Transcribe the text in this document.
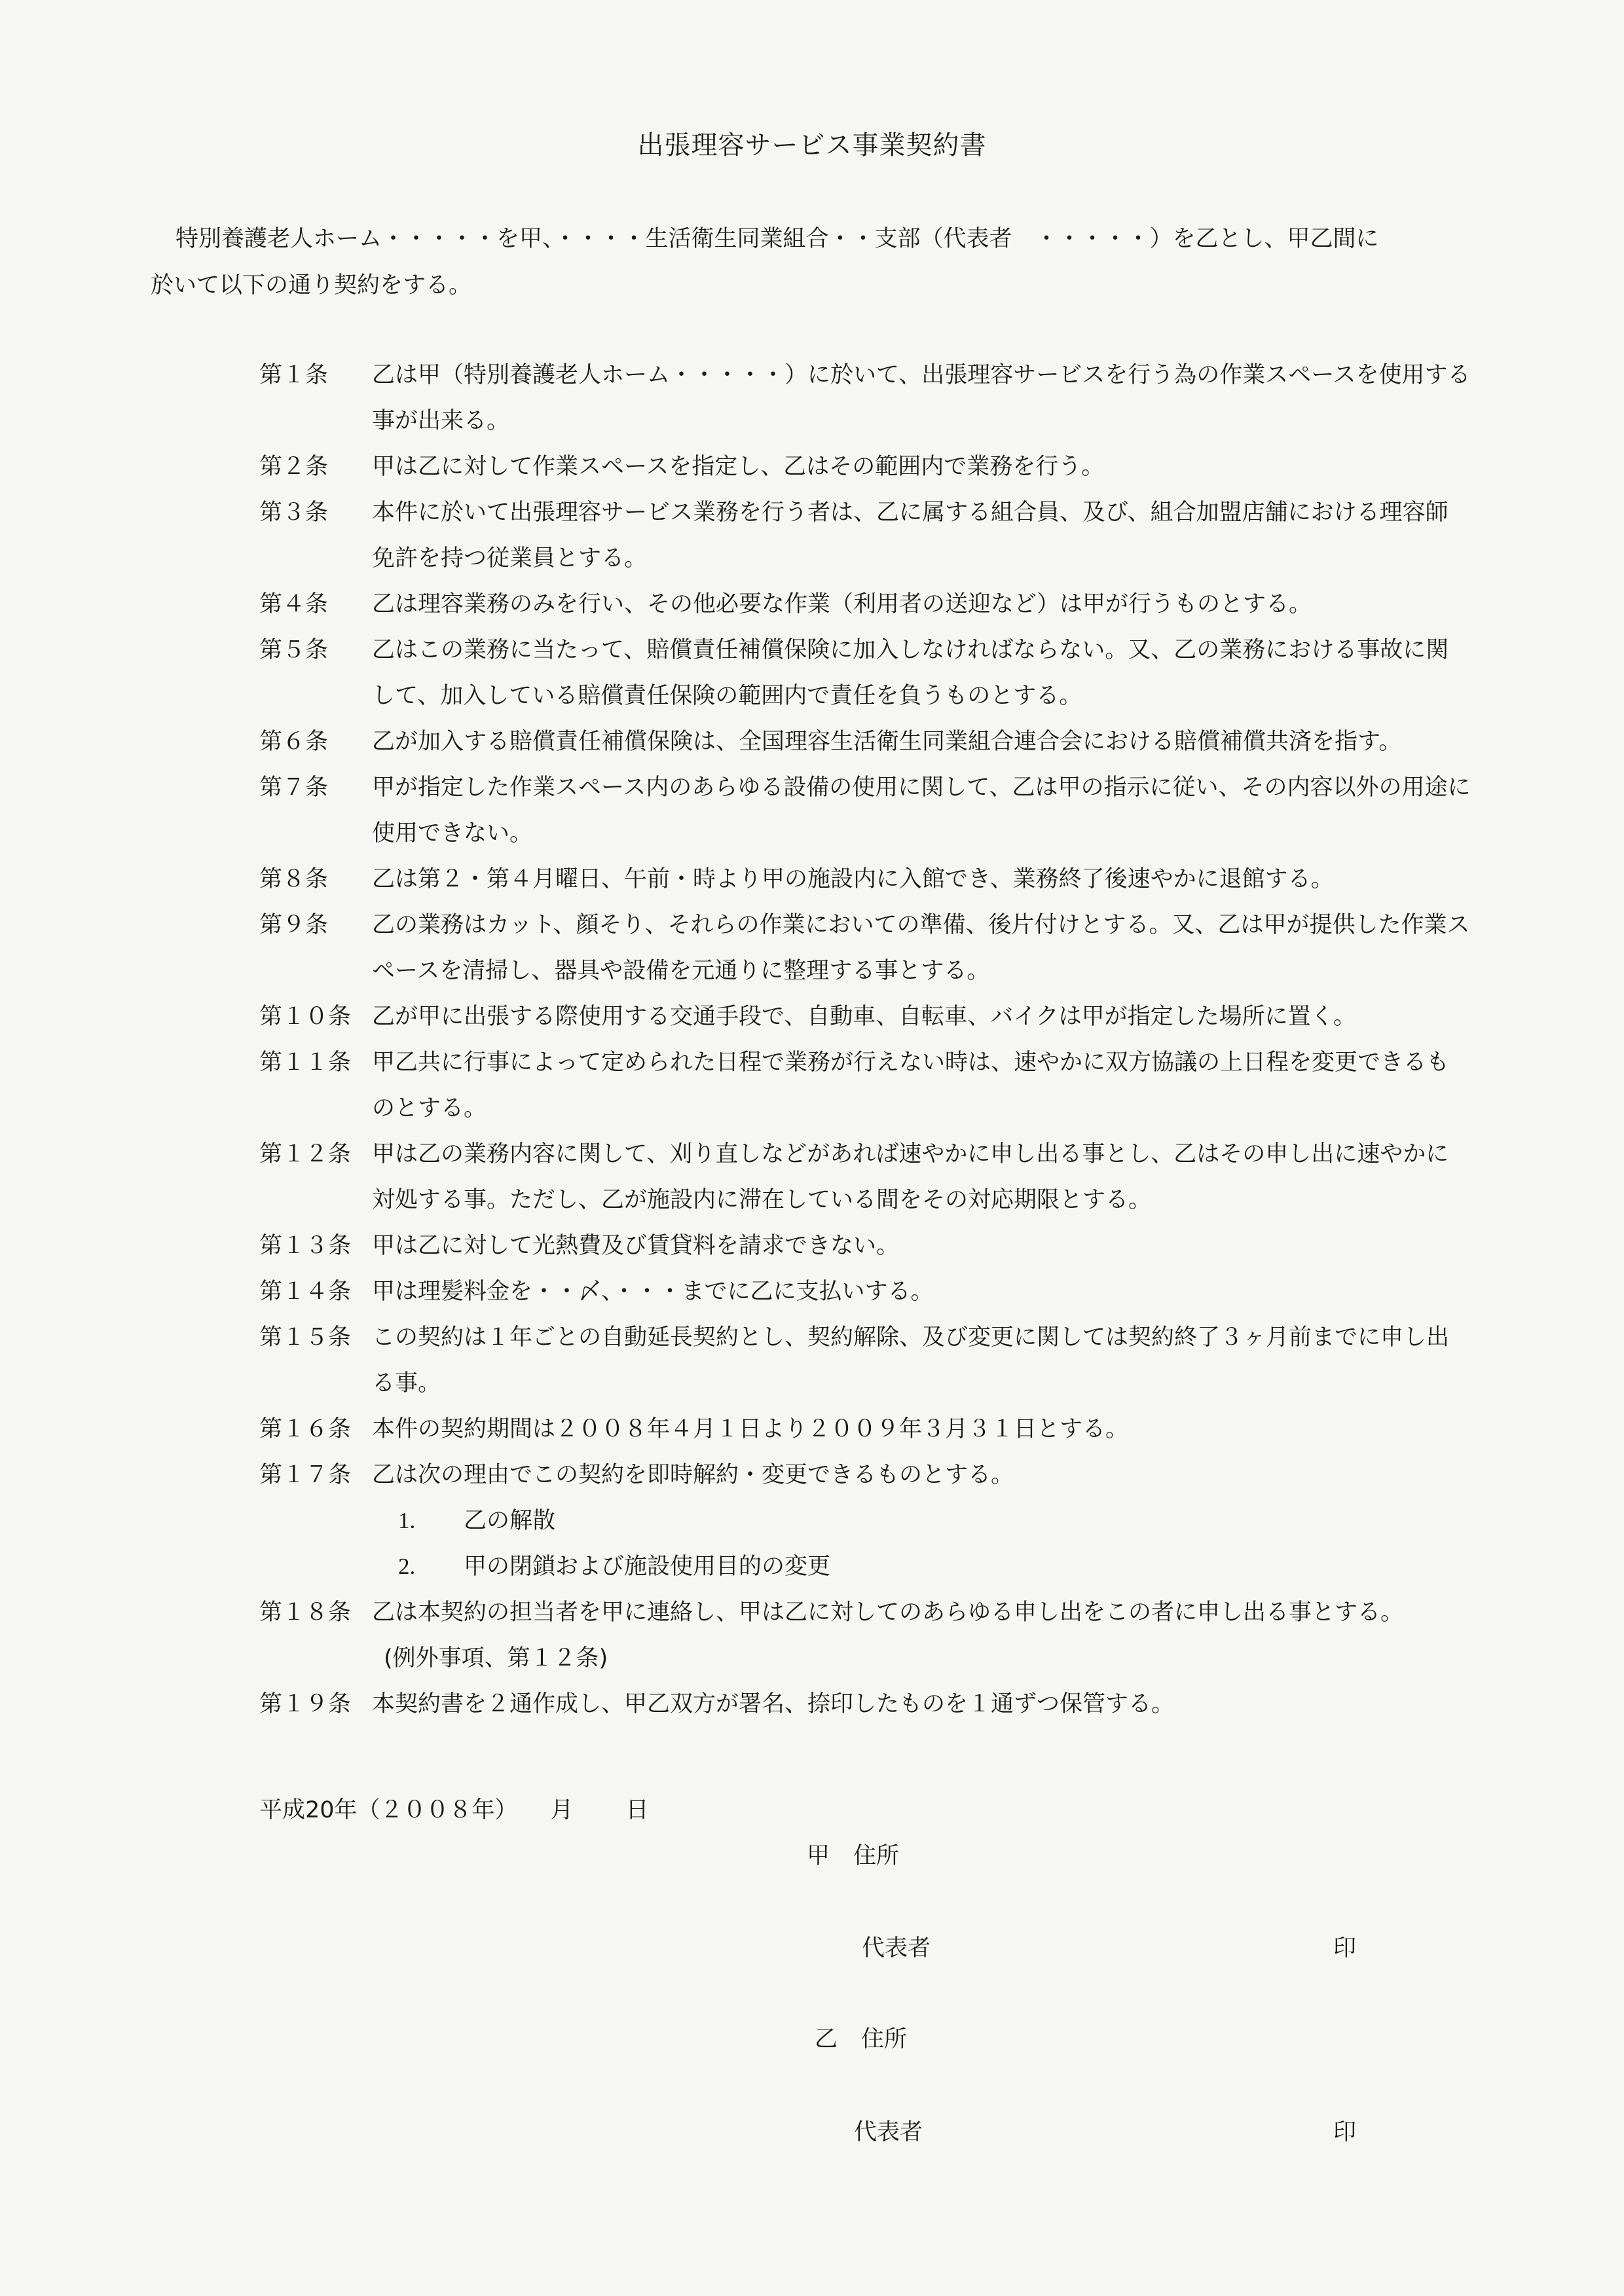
出張理容サービス事業契約書
特別養護老人ホーム・・・・・を甲、・・・・生活衛生同業組合・・支部（代表者　・・・・・）を乙とし、甲乙間に
於いて以下の通り契約をする。
第１条 乙は甲（特別養護老人ホーム・・・・・）に於いて、出張理容サービスを行う為の作業スペースを使用する事が出来る。
第２条 甲は乙に対して作業スペースを指定し、乙はその範囲内で業務を行う。
第３条 本件に於いて出張理容サービス業務を行う者は、乙に属する組合員、及び、組合加盟店舗における理容師免許を持つ従業員とする。
第４条 乙は理容業務のみを行い、その他必要な作業（利用者の送迎など）は甲が行うものとする。
第５条 乙はこの業務に当たって、賠償責任補償保険に加入しなければならない。又、乙の業務における事故に関して、加入している賠償責任保険の範囲内で責任を負うものとする。
第６条 乙が加入する賠償責任補償保険は、全国理容生活衛生同業組合連合会における賠償補償共済を指す。
第７条 甲が指定した作業スペース内のあらゆる設備の使用に関して、乙は甲の指示に従い、その内容以外の用途に使用できない。
第８条 乙は第２・第４月曜日、午前・時より甲の施設内に入館でき、業務終了後速やかに退館する。
第９条 乙の業務はカット、顔そり、それらの作業においての準備、後片付けとする。又、乙は甲が提供した作業スペースを清掃し、器具や設備を元通りに整理する事とする。
第１０条 乙が甲に出張する際使用する交通手段で、自動車、自転車、バイクは甲が指定した場所に置く。
第１１条 甲乙共に行事によって定められた日程で業務が行えない時は、速やかに双方協議の上日程を変更できるものとする。
第１２条 甲は乙の業務内容に関して、刈り直しなどがあれば速やかに申し出る事とし、乙はその申し出に速やかに対処する事。ただし、乙が施設内に滞在している間をその対応期限とする。
第１３条 甲は乙に対して光熱費及び賃貸料を請求できない。
第１４条 甲は理髪料金を・・〆、・・・までに乙に支払いする。
第１５条 この契約は１年ごとの自動延長契約とし、契約解除、及び変更に関しては契約終了３ヶ月前までに申し出る事。
第１６条 本件の契約期間は２００８年４月１日より２００９年３月３１日とする。
第１７条 乙は次の理由でこの契約を即時解約・変更できるものとする。
1. 乙の解散
2. 甲の閉鎖および施設使用目的の変更
第１８条 乙は本契約の担当者を甲に連絡し、甲は乙に対してのあらゆる申し出をこの者に申し出る事とする。
(例外事項、第１２条)
第１９条 本契約書を２通作成し、甲乙双方が署名、捺印したものを１通ずつ保管する。
平成20年（２００８年） 月 日
甲 住所
代表者	印
乙 住所
代表者	印
